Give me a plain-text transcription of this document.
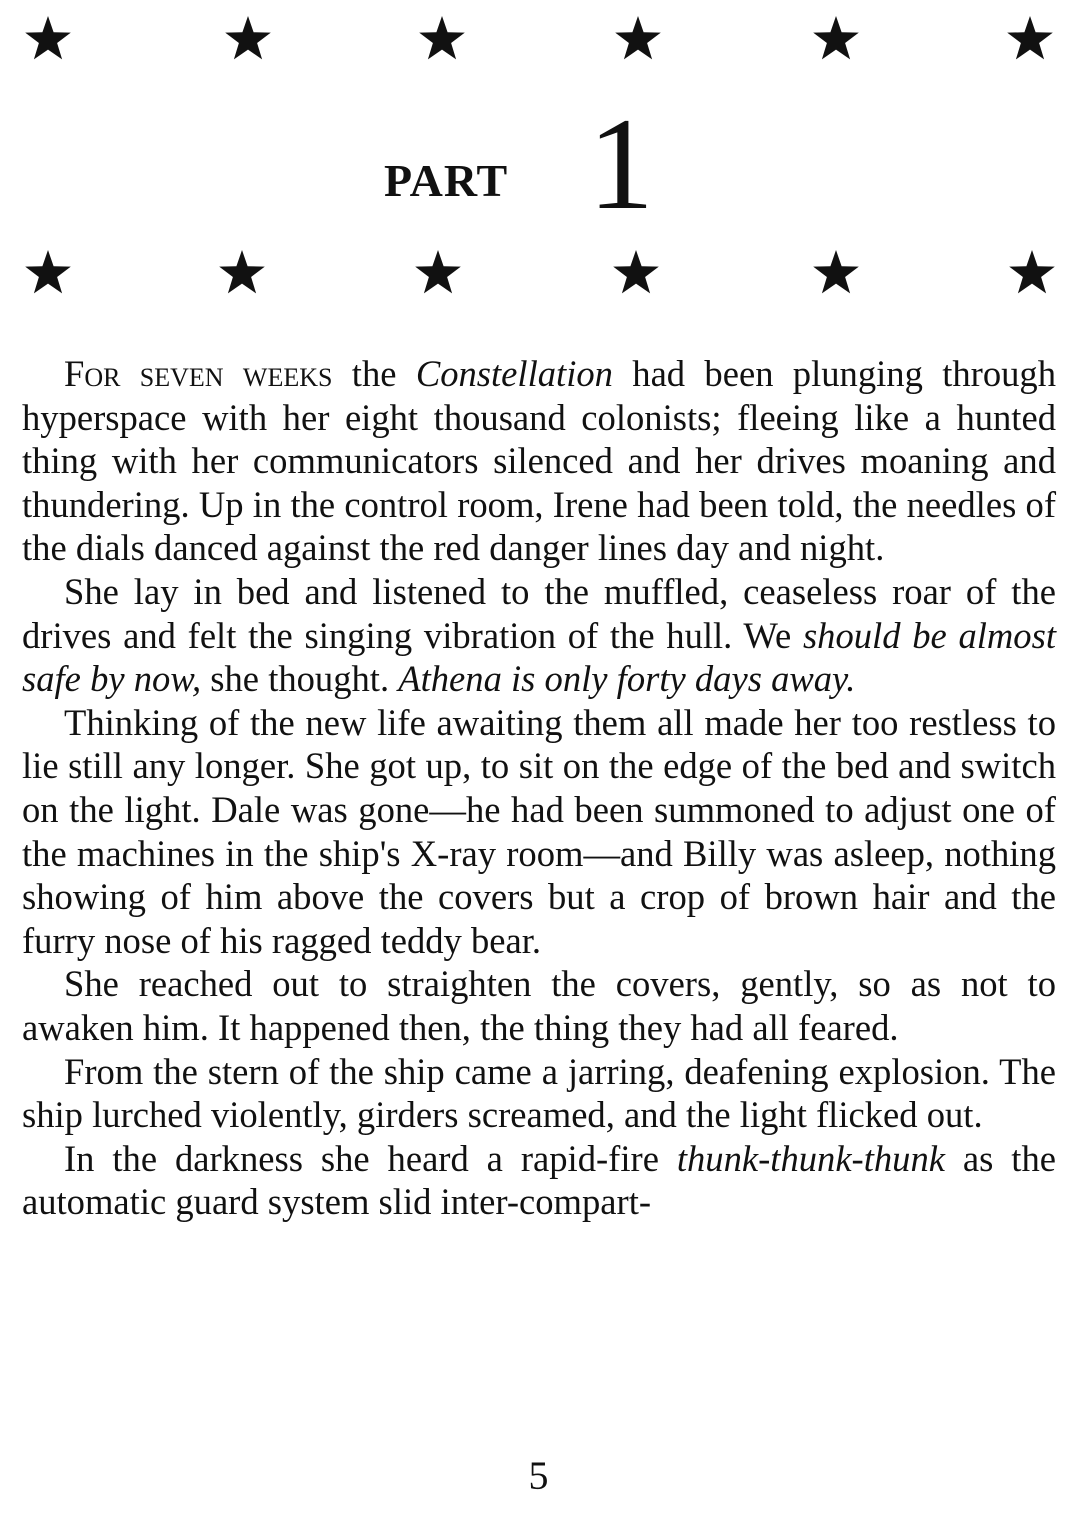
PART 1

For seven weeks the Constellation had been plunging through hyperspace with her eight thousand colonists; fleeing like a hunted thing with her communicators silenced and her drives moaning and thundering. Up in the control room, Irene had been told, the needles of the dials danced against the red danger lines day and night.

She lay in bed and listened to the muffled, ceaseless roar of the drives and felt the singing vibration of the hull. We should be almost safe by now, she thought. Athena is only forty days away.

Thinking of the new life awaiting them all made her too restless to lie still any longer. She got up, to sit on the edge of the bed and switch on the light. Dale was gone—he had been summoned to adjust one of the machines in the ship's X-ray room—and Billy was asleep, nothing showing of him above the covers but a crop of brown hair and the furry nose of his ragged teddy bear.

She reached out to straighten the covers, gently, so as not to awaken him. It happened then, the thing they had all feared.

From the stern of the ship came a jarring, deafening explosion. The ship lurched violently, girders screamed, and the light flicked out.

In the darkness she heard a rapid-fire thunk-thunk-thunk as the automatic guard system slid inter-compart-

5
